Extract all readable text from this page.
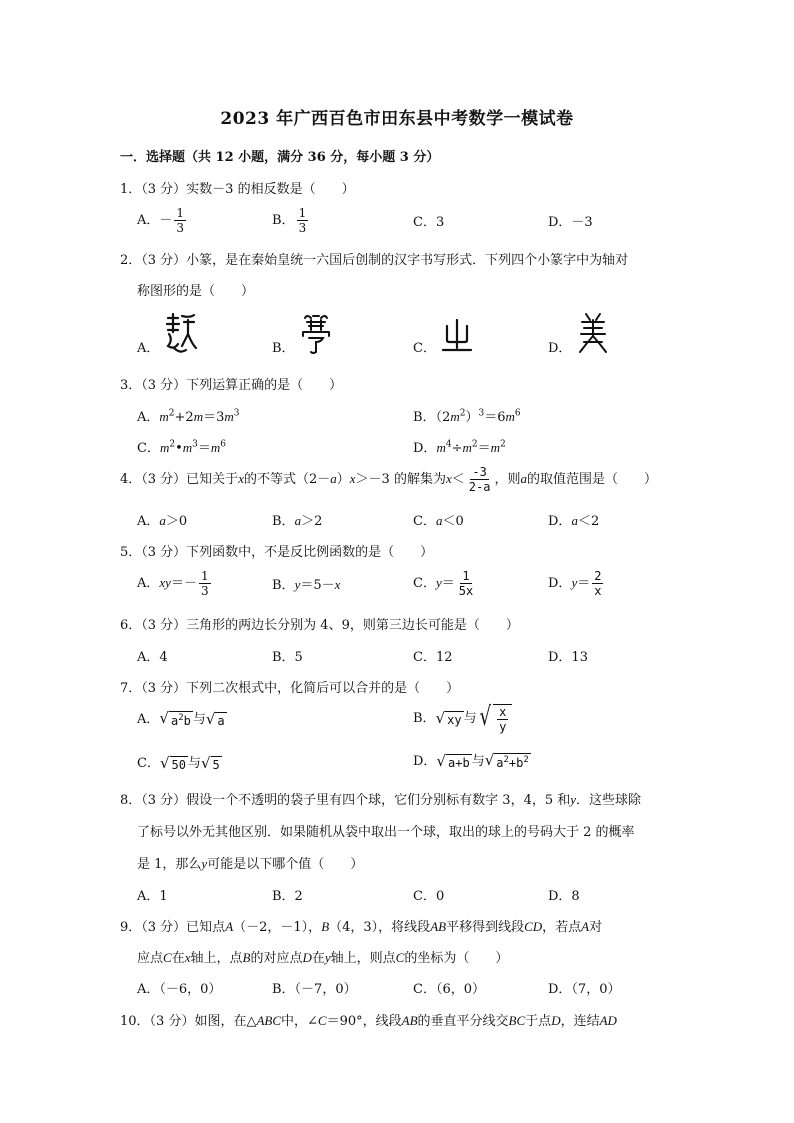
2023 年广西百色市田东县中考数学一模试卷
一．选择题（共 12 小题，满分 36 分，每小题 3 分）
1．（3 分）实数－3 的相反数是（　　）
A．－ $\frac{1}{3}$	B． $\frac{1}{3}$	C．3	D．－3
2．（3 分）小篆，是在秦始皇统一六国后创制的汉字书写形式．下列四个小篆字中为轴对
称图形的是（　　）
A．	B．	C．	D．
3．（3 分）下列运算正确的是（　　）
A．$m^2+2m=3m^3$	B．$(2m^2)^3=6m^6$
C．$m^2•m^3=m^6$	D．$m^4\div m^2=m^2$
4．（3 分）已知关于x的不等式（2－a）x＞－3 的解集为$x< \frac{-3}{2-a}$ ，则a的取值范围是（　　）
A．a＞0	B．a＞2	C．a＜0	D．a＜2
5．（3 分）下列函数中，不是反比例函数的是（　　）
A．$xy=- \frac{1}{3}$	B．y＝5－x	C．$y= \frac{1}{5x}$	D．$y= \frac{2}{x}$
6．（3 分）三角形的两边长分别为 4、9，则第三边长可能是（　　）
A．4	B．5	C．12	D．13
7．（3 分）下列二次根式中，化简后可以合并的是（　　）
A． √ $a^2b$ 与 √ a	B． √ xy 与 √ $\frac{x}{y}$
C． √ 50 与 √ 5	D． √ a+b 与 √ $a^2+b^2$
8．（3 分）假设一个不透明的袋子里有四个球，它们分别标有数字 3，4，5 和y．这些球除
了标号以外无其他区别．如果随机从袋中取出一个球，取出的球上的号码大于 2 的概率
是 1，那么y可能是以下哪个值（　　）
A．1	B．2	C．0	D．8
9．（3 分）已知点A（－2，－1），B（4，3），将线段AB平移得到线段CD，若点A对
应点C在x轴上，点B的对应点D在y轴上，则点C的坐标为（　　）
A．（－6，0）	B．（－7，0）	C．（6，0）	D．（7，0）
10．（3 分）如图，在△ABC中，∠C＝90°，线段AB的垂直平分线交BC于点D，连结AD
